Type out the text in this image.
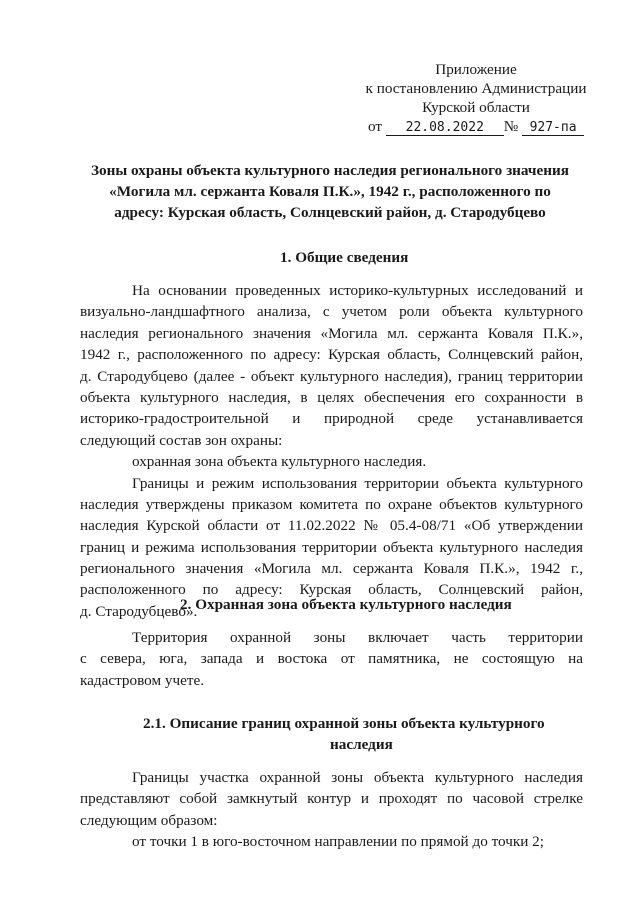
Приложение
к постановлению Администрации
Курской области
от 22.08.2022 № 927-па
Зоны охраны объекта культурного наследия регионального значения
«Могила мл. сержанта Коваля П.К.», 1942 г., расположенного по
адресу: Курская область, Солнцевский район, д. Стародубцево
1. Общие сведения
На основании проведенных историко-культурных исследований и
визуально-ландшафтного анализа, с учетом роли объекта культурного
наследия регионального значения «Могила мл. сержанта Коваля П.К.»,
1942 г., расположенного по адресу: Курская область, Солнцевский район,
д. Стародубцево (далее - объект культурного наследия), границ территории
объекта культурного наследия, в целях обеспечения его сохранности в
историко-градостроительной и природной среде устанавливается
следующий состав зон охраны:
охранная зона объекта культурного наследия.
Границы и режим использования территории объекта культурного
наследия утверждены приказом комитета по охране объектов культурного
наследия Курской области от 11.02.2022 № 05.4-08/71 «Об утверждении
границ и режима использования территории объекта культурного наследия
регионального значения «Могила мл. сержанта Коваля П.К.», 1942 г.,
расположенного по адресу: Курская область, Солнцевский район,
д. Стародубцево».
2. Охранная зона объекта культурного наследия
Территория охранной зоны включает часть территории
с севера, юга, запада и востока от памятника, не состоящую на
кадастровом учете.
2.1. Описание границ охранной зоны объекта культурного
наследия
Границы участка охранной зоны объекта культурного наследия
представляют собой замкнутый контур и проходят по часовой стрелке
следующим образом:
от точки 1 в юго-восточном направлении по прямой до точки 2;
